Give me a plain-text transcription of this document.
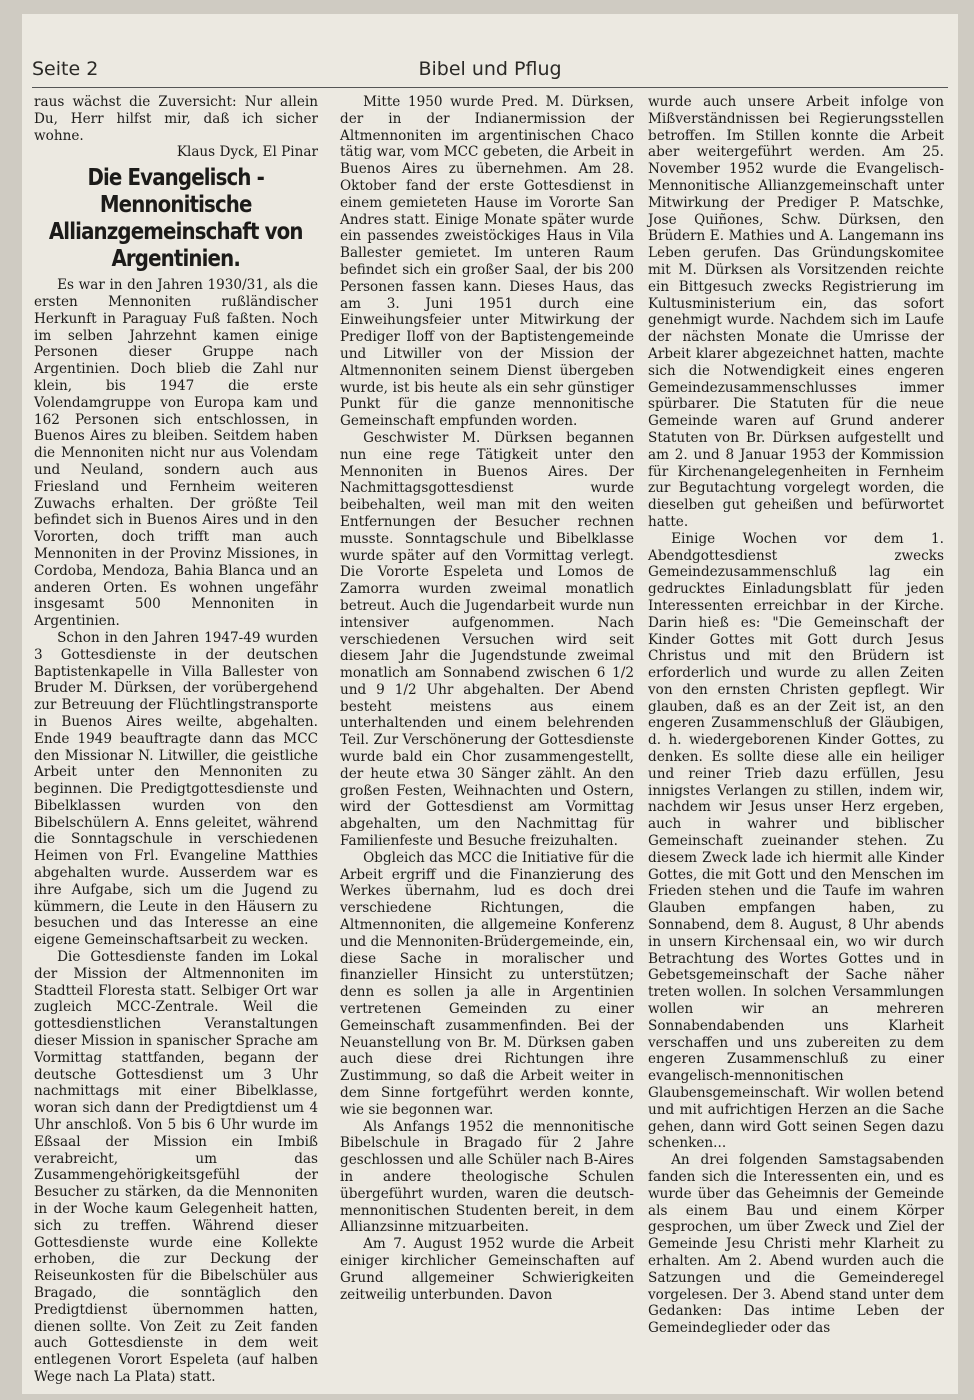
Seite 2	Bibel und Pflug

raus wächst die Zuversicht: Nur allein Du, Herr hilfst mir, daß ich sicher wohne.

Klaus Dyck, El Pinar

Die Evangelisch - Mennonitische Allianzgemeinschaft von Argentinien.

Es war in den Jahren 1930/31, als die ersten Mennoniten rußländischer Herkunft in Paraguay Fuß faßten. Noch im selben Jahrzehnt kamen einige Personen dieser Gruppe nach Argentinien. Doch blieb die Zahl nur klein, bis 1947 die erste Volendamgruppe von Europa kam und 162 Personen sich entschlossen, in Buenos Aires zu bleiben. Seitdem haben die Mennoniten nicht nur aus Volendam und Neuland, sondern auch aus Friesland und Fernheim weiteren Zuwachs erhalten. Der größte Teil befindet sich in Buenos Aires und in den Vororten, doch trifft man auch Mennoniten in der Provinz Missiones, in Cordoba, Mendoza, Bahia Blanca und an anderen Orten. Es wohnen ungefähr insgesamt 500 Mennoniten in Argentinien.

Schon in den Jahren 1947-49 wurden 3 Gottesdienste in der deutschen Baptistenkapelle in Villa Ballester von Bruder M. Dürksen, der vorübergehend zur Betreuung der Flüchtlingstransporte in Buenos Aires weilte, abgehalten. Ende 1949 beauftragte dann das MCC den Missionar N. Litwiller, die geistliche Arbeit unter den Mennoniten zu beginnen. Die Predigtgottesdienste und Bibelklassen wurden von den Bibelschülern A. Enns geleitet, während die Sonntagschule in verschiedenen Heimen von Frl. Evangeline Matthies abgehalten wurde. Ausserdem war es ihre Aufgabe, sich um die Jugend zu kümmern, die Leute in den Häusern zu besuchen und das Interesse an eine eigene Gemeinschaftsarbeit zu wecken.

Die Gottesdienste fanden im Lokal der Mission der Altmennoniten im Stadtteil Floresta statt. Selbiger Ort war zugleich MCC-Zentrale. Weil die gottesdienstlichen Veranstaltungen dieser Mission in spanischer Sprache am Vormittag stattfanden, begann der deutsche Gottesdienst um 3 Uhr nachmittags mit einer Bibelklasse, woran sich dann der Predigtdienst um 4 Uhr anschloß. Von 5 bis 6 Uhr wurde im Eßsaal der Mission ein Imbiß verabreicht, um das Zusammengehörigkeitsgefühl der Besucher zu stärken, da die Mennoniten in der Woche kaum Gelegenheit hatten, sich zu treffen. Während dieser Gottesdienste wurde eine Kollekte erhoben, die zur Deckung der Reiseunkosten für die Bibelschüler aus Bragado, die sonntäglich den Predigtdienst übernommen hatten, dienen sollte. Von Zeit zu Zeit fanden auch Gottesdienste in dem weit entlegenen Vorort Espeleta (auf halben Wege nach La Plata) statt.

Mitte 1950 wurde Pred. M. Dürksen, der in der Indianermission der Altmennoniten im argentinischen Chaco tätig war, vom MCC gebeten, die Arbeit in Buenos Aires zu übernehmen. Am 28. Oktober fand der erste Gottesdienst in einem gemieteten Hause im Vororte San Andres statt. Einige Monate später wurde ein passendes zweistöckiges Haus in Vila Ballester gemietet. Im unteren Raum befindet sich ein großer Saal, der bis 200 Personen fassen kann. Dieses Haus, das am 3. Juni 1951 durch eine Einweihungsfeier unter Mitwirkung der Prediger Iloff von der Baptistengemeinde und Litwiller von der Mission der Altmennoniten seinem Dienst übergeben wurde, ist bis heute als ein sehr günstiger Punkt für die ganze mennonitische Gemeinschaft empfunden worden.

Geschwister M. Dürksen begannen nun eine rege Tätigkeit unter den Mennoniten in Buenos Aires. Der Nachmittagsgottesdienst wurde beibehalten, weil man mit den weiten Entfernungen der Besucher rechnen musste. Sonntagschule und Bibelklasse wurde später auf den Vormittag verlegt. Die Vororte Espeleta und Lomos de Zamorra wurden zweimal monatlich betreut. Auch die Jugendarbeit wurde nun intensiver aufgenommen. Nach verschiedenen Versuchen wird seit diesem Jahr die Jugendstunde zweimal monatlich am Sonnabend zwischen 6 1/2 und 9 1/2 Uhr abgehalten. Der Abend besteht meistens aus einem unterhaltenden und einem belehrenden Teil. Zur Verschönerung der Gottesdienste wurde bald ein Chor zusammengestellt, der heute etwa 30 Sänger zählt. An den großen Festen, Weihnachten und Ostern, wird der Gottesdienst am Vormittag abgehalten, um den Nachmittag für Familienfeste und Besuche freizuhalten.

Obgleich das MCC die Initiative für die Arbeit ergriff und die Finanzierung des Werkes übernahm, lud es doch drei verschiedene Richtungen, die Altmennoniten, die allgemeine Konferenz und die Mennoniten-Brüdergemeinde, ein, diese Sache in moralischer und finanzieller Hinsicht zu unterstützen; denn es sollen ja alle in Argentinien vertretenen Gemeinden zu einer Gemeinschaft zusammenfinden. Bei der Neuanstellung von Br. M. Dürksen gaben auch diese drei Richtungen ihre Zustimmung, so daß die Arbeit weiter in dem Sinne fortgeführt werden konnte, wie sie begonnen war.

Als Anfangs 1952 die mennonitische Bibelschule in Bragado für 2 Jahre geschlossen und alle Schüler nach B-Aires in andere theologische Schulen übergeführt wurden, waren die deutsch-mennonitischen Studenten bereit, in dem Allianzsinne mitzuarbeiten.

Am 7. August 1952 wurde die Arbeit einiger kirchlicher Gemeinschaften auf Grund allgemeiner Schwierigkeiten zeitweilig unterbunden. Davon

wurde auch unsere Arbeit infolge von Mißverständnissen bei Regierungsstellen betroffen. Im Stillen konnte die Arbeit aber weitergeführt werden. Am 25. November 1952 wurde die Evangelisch-Mennonitische Allianzgemeinschaft unter Mitwirkung der Prediger P. Matschke, Jose Quiñones, Schw. Dürksen, den Brüdern E. Mathies und A. Langemann ins Leben gerufen. Das Gründungskomitee mit M. Dürksen als Vorsitzenden reichte ein Bittgesuch zwecks Registrierung im Kultusministerium ein, das sofort genehmigt wurde. Nachdem sich im Laufe der nächsten Monate die Umrisse der Arbeit klarer abgezeichnet hatten, machte sich die Notwendigkeit eines engeren Gemeindezusammenschlusses immer spürbarer. Die Statuten für die neue Gemeinde waren auf Grund anderer Statuten von Br. Dürksen aufgestellt und am 2. und 8 Januar 1953 der Kommission für Kirchenangelegenheiten in Fernheim zur Begutachtung vorgelegt worden, die dieselben gut geheißen und befürwortet hatte.

Einige Wochen vor dem 1. Abendgottesdienst zwecks Gemeindezusammenschluß lag ein gedrucktes Einladungsblatt für jeden Interessenten erreichbar in der Kirche. Darin hieß es: "Die Gemeinschaft der Kinder Gottes mit Gott durch Jesus Christus und mit den Brüdern ist erforderlich und wurde zu allen Zeiten von den ernsten Christen gepflegt. Wir glauben, daß es an der Zeit ist, an den engeren Zusammenschluß der Gläubigen, d. h. wiedergeborenen Kinder Gottes, zu denken. Es sollte diese alle ein heiliger und reiner Trieb dazu erfüllen, Jesu innigstes Verlangen zu stillen, indem wir, nachdem wir Jesus unser Herz ergeben, auch in wahrer und biblischer Gemeinschaft zueinander stehen. Zu diesem Zweck lade ich hiermit alle Kinder Gottes, die mit Gott und den Menschen im Frieden stehen und die Taufe im wahren Glauben empfangen haben, zu Sonnabend, dem 8. August, 8 Uhr abends in unsern Kirchensaal ein, wo wir durch Betrachtung des Wortes Gottes und in Gebetsgemeinschaft der Sache näher treten wollen. In solchen Versammlungen wollen wir an mehreren Sonnabendabenden uns Klarheit verschaffen und uns zubereiten zu dem engeren Zusammenschluß zu einer evangelisch-mennonitischen Glaubensgemeinschaft. Wir wollen betend und mit aufrichtigen Herzen an die Sache gehen, dann wird Gott seinen Segen dazu schenken...

An drei folgenden Samstagsabenden fanden sich die Interessenten ein, und es wurde über das Geheimnis der Gemeinde als einem Bau und einem Körper gesprochen, um über Zweck und Ziel der Gemeinde Jesu Christi mehr Klarheit zu erhalten. Am 2. Abend wurden auch die Satzungen und die Gemeinderegel vorgelesen. Der 3. Abend stand unter dem Gedanken: Das intime Leben der Gemeindeglieder oder das
